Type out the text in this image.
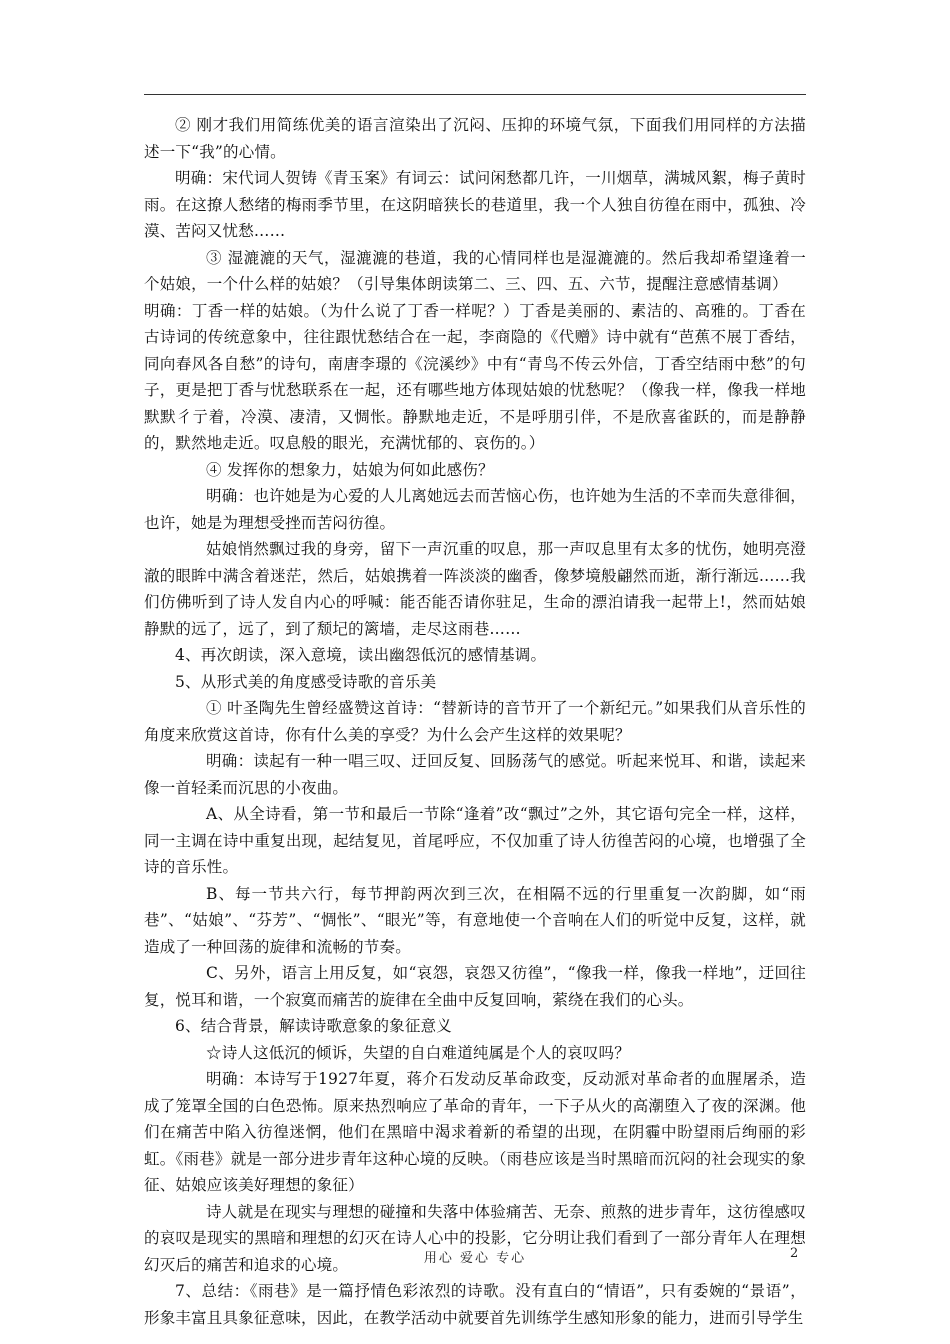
② 刚才我们用简练优美的语言渲染出了沉闷、压抑的环境气氛，下面我们用同样的方法描述一下“我”的心情。

明确：宋代词人贺铸《青玉案》有词云：试问闲愁都几许，一川烟草，满城风絮，梅子黄时雨。在这撩人愁绪的梅雨季节里，在这阴暗狭长的巷道里，我一个人独自彷徨在雨中，孤独、冷漠、苦闷又忧愁……

③ 湿漉漉的天气，湿漉漉的巷道，我的心情同样也是湿漉漉的。然后我却希望逢着一个姑娘，一个什么样的姑娘？（引导集体朗读第二、三、四、五、六节，提醒注意感情基调）

明确：丁香一样的姑娘。（为什么说了丁香一样呢？）丁香是美丽的、素洁的、高雅的。丁香在古诗词的传统意象中，往往跟忧愁结合在一起，李商隐的《代赠》诗中就有“芭蕉不展丁香结，同向春风各自愁”的诗句，南唐李璟的《浣溪纱》中有“青鸟不传云外信，丁香空结雨中愁”的句子，更是把丁香与忧愁联系在一起，还有哪些地方体现姑娘的忧愁呢？（像我一样，像我一样地默默彳亍着，冷漠、凄清，又惆怅。静默地走近，不是呼朋引伴，不是欣喜雀跃的，而是静静的，默然地走近。叹息般的眼光，充满忧郁的、哀伤的。）

④ 发挥你的想象力，姑娘为何如此感伤？

明确：也许她是为心爱的人儿离她远去而苦恼心伤，也许她为生活的不幸而失意徘徊，也许，她是为理想受挫而苦闷彷徨。

姑娘悄然飘过我的身旁，留下一声沉重的叹息，那一声叹息里有太多的忧伤，她明亮澄澈的眼眸中满含着迷茫，然后，姑娘携着一阵淡淡的幽香，像梦境般翩然而逝，渐行渐远……我们仿佛听到了诗人发自内心的呼喊：能否能否请你驻足，生命的漂泊请我一起带上!，然而姑娘静默的远了，远了，到了颓圮的篱墙，走尽这雨巷……

4、再次朗读，深入意境，读出幽怨低沉的感情基调。

5、从形式美的角度感受诗歌的音乐美

① 叶圣陶先生曾经盛赞这首诗：“替新诗的音节开了一个新纪元。”如果我们从音乐性的角度来欣赏这首诗，你有什么美的享受？为什么会产生这样的效果呢？

明确：读起有一种一唱三叹、迂回反复、回肠荡气的感觉。听起来悦耳、和谐，读起来像一首轻柔而沉思的小夜曲。

A、从全诗看，第一节和最后一节除“逢着”改“飘过”之外，其它语句完全一样，这样，同一主调在诗中重复出现，起结复见，首尾呼应，不仅加重了诗人彷徨苦闷的心境，也增强了全诗的音乐性。

B、每一节共六行，每节押韵两次到三次，在相隔不远的行里重复一次韵脚，如“雨巷”、“姑娘”、“芬芳”、“惆怅”、“眼光”等，有意地使一个音响在人们的听觉中反复，这样，就造成了一种回荡的旋律和流畅的节奏。

C、另外，语言上用反复，如“哀怨，哀怨又彷徨”，“像我一样，像我一样地”，迂回往复，悦耳和谐，一个寂寞而痛苦的旋律在全曲中反复回响，萦绕在我们的心头。

6、结合背景，解读诗歌意象的象征意义

☆诗人这低沉的倾诉，失望的自白难道纯属是个人的哀叹吗？

明确：本诗写于1927年夏，蒋介石发动反革命政变，反动派对革命者的血腥屠杀，造成了笼罩全国的白色恐怖。原来热烈响应了革命的青年，一下子从火的高潮堕入了夜的深渊。他们在痛苦中陷入彷徨迷惘，他们在黑暗中渴求着新的希望的出现，在阴霾中盼望雨后绚丽的彩虹。《雨巷》就是一部分进步青年这种心境的反映。（雨巷应该是当时黑暗而沉闷的社会现实的象征、姑娘应该美好理想的象征）

诗人就是在现实与理想的碰撞和失落中体验痛苦、无奈、煎熬的进步青年，这彷徨感叹的哀叹是现实的黑暗和理想的幻灭在诗人心中的投影，它分明让我们看到了一部分青年人在理想幻灭后的痛苦和追求的心境。

7、总结：《雨巷》是一篇抒情色彩浓烈的诗歌。没有直白的“情语”，只有委婉的“景语”，形象丰富且具象征意味，因此，在教学活动中就要首先训练学生感知形象的能力，进而引导学生

用心 爱心 专心	2
